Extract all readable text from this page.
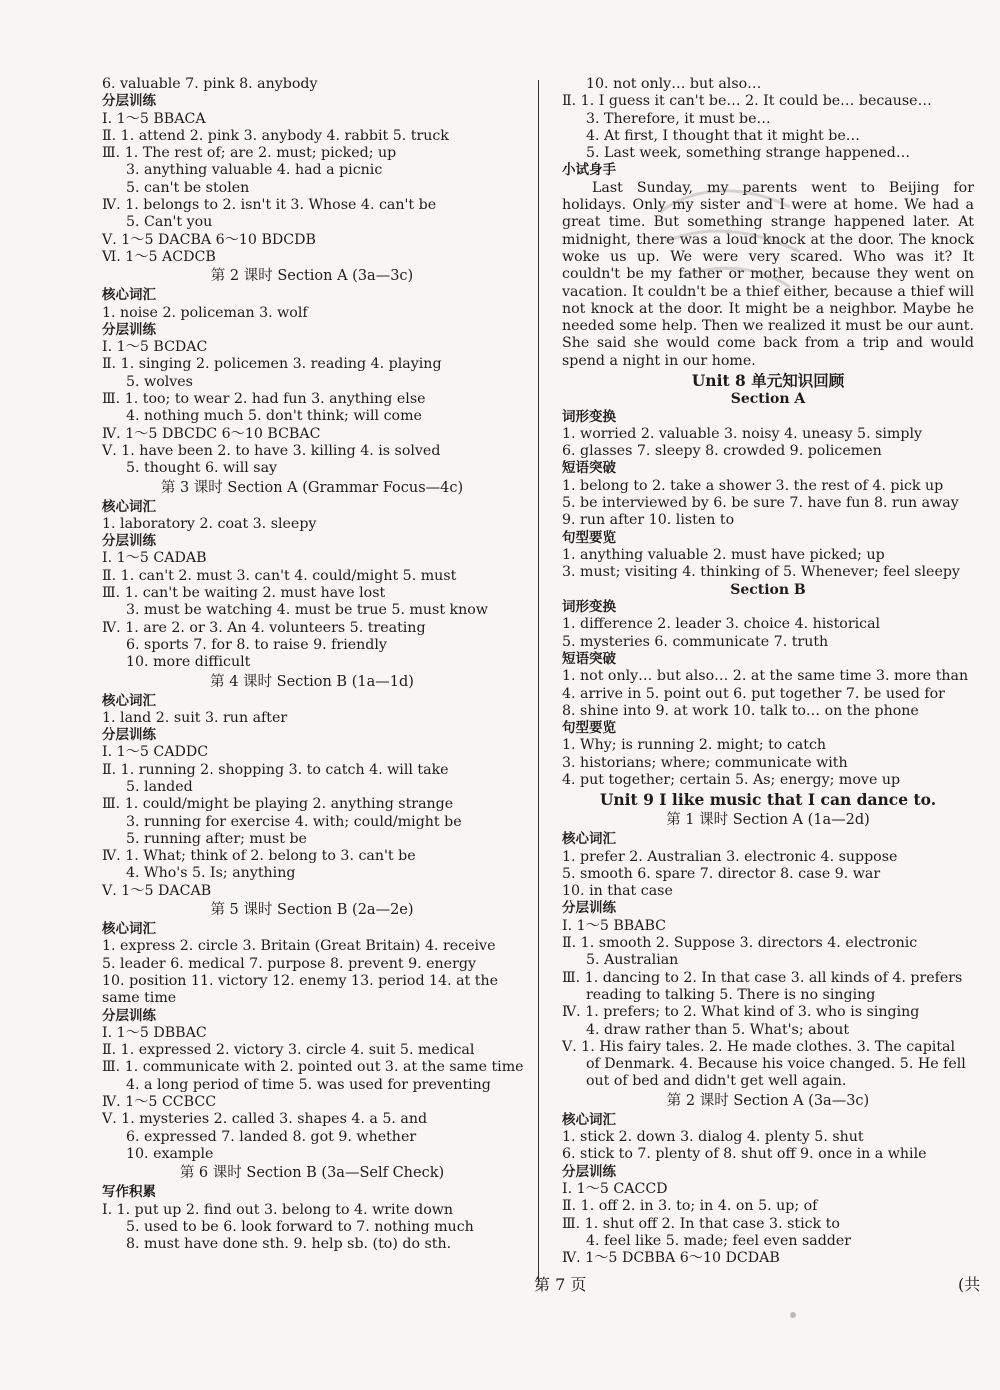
6. valuable 7. pink 8. anybody
分层训练
Ⅰ. 1～5 BBACA
Ⅱ. 1. attend 2. pink 3. anybody 4. rabbit 5. truck
Ⅲ. 1. The rest of; are 2. must; picked; up
3. anything valuable 4. had a picnic
5. can't be stolen
Ⅳ. 1. belongs to 2. isn't it 3. Whose 4. can't be
5. Can't you
Ⅴ. 1～5 DACBA 6～10 BDCDB
Ⅵ. 1～5 ACDCB
第 2 课时 Section A (3a—3c)
核心词汇
1. noise 2. policeman 3. wolf
分层训练
Ⅰ. 1～5 BCDAC
Ⅱ. 1. singing 2. policemen 3. reading 4. playing
5. wolves
Ⅲ. 1. too; to wear 2. had fun 3. anything else
4. nothing much 5. don't think; will come
Ⅳ. 1～5 DBCDC 6～10 BCBAC
Ⅴ. 1. have been 2. to have 3. killing 4. is solved
5. thought 6. will say
第 3 课时 Section A (Grammar Focus—4c)
核心词汇
1. laboratory 2. coat 3. sleepy
分层训练
Ⅰ. 1～5 CADAB
Ⅱ. 1. can't 2. must 3. can't 4. could/might 5. must
Ⅲ. 1. can't be waiting 2. must have lost
3. must be watching 4. must be true 5. must know
Ⅳ. 1. are 2. or 3. An 4. volunteers 5. treating
6. sports 7. for 8. to raise 9. friendly
10. more difficult
第 4 课时 Section B (1a—1d)
核心词汇
1. land 2. suit 3. run after
分层训练
Ⅰ. 1～5 CADDC
Ⅱ. 1. running 2. shopping 3. to catch 4. will take
5. landed
Ⅲ. 1. could/might be playing 2. anything strange
3. running for exercise 4. with; could/might be
5. running after; must be
Ⅳ. 1. What; think of 2. belong to 3. can't be
4. Who's 5. Is; anything
Ⅴ. 1～5 DACAB
第 5 课时 Section B (2a—2e)
核心词汇
1. express 2. circle 3. Britain (Great Britain) 4. receive
5. leader 6. medical 7. purpose 8. prevent 9. energy
10. position 11. victory 12. enemy 13. period 14. at the
same time
分层训练
Ⅰ. 1～5 DBBAC
Ⅱ. 1. expressed 2. victory 3. circle 4. suit 5. medical
Ⅲ. 1. communicate with 2. pointed out 3. at the same time
4. a long period of time 5. was used for preventing
Ⅳ. 1～5 CCBCC
Ⅴ. 1. mysteries 2. called 3. shapes 4. a 5. and
6. expressed 7. landed 8. got 9. whether
10. example
第 6 课时 Section B (3a—Self Check)
写作积累
Ⅰ. 1. put up 2. find out 3. belong to 4. write down
5. used to be 6. look forward to 7. nothing much
8. must have done sth. 9. help sb. (to) do sth.
10. not only… but also…
Ⅱ. 1. I guess it can't be… 2. It could be… because…
3. Therefore, it must be…
4. At first, I thought that it might be…
5. Last week, something strange happened…
小试身手

Last Sunday, my parents went to Beijing for holidays. Only my sister and I were at home. We had a great time. But something strange happened later. At midnight, there was a loud knock at the door. The knock woke us up. We were very scared. Who was it? It couldn't be my father or mother, because they went on vacation. It couldn't be a thief either, because a thief will not knock at the door. It might be a neighbor. Maybe he needed some help. Then we realized it must be our aunt. She said she would come back from a trip and would spend a night in our home.

Unit 8 单元知识回顾
Section A
词形变换
1. worried 2. valuable 3. noisy 4. uneasy 5. simply
6. glasses 7. sleepy 8. crowded 9. policemen
短语突破
1. belong to 2. take a shower 3. the rest of 4. pick up
5. be interviewed by 6. be sure 7. have fun 8. run away
9. run after 10. listen to
句型要览
1. anything valuable 2. must have picked; up
3. must; visiting 4. thinking of 5. Whenever; feel sleepy
Section B
词形变换
1. difference 2. leader 3. choice 4. historical
5. mysteries 6. communicate 7. truth
短语突破
1. not only… but also… 2. at the same time 3. more than
4. arrive in 5. point out 6. put together 7. be used for
8. shine into 9. at work 10. talk to… on the phone
句型要览
1. Why; is running 2. might; to catch
3. historians; where; communicate with
4. put together; certain 5. As; energy; move up
Unit 9 I like music that I can dance to.
第 1 课时 Section A (1a—2d)
核心词汇
1. prefer 2. Australian 3. electronic 4. suppose
5. smooth 6. spare 7. director 8. case 9. war
10. in that case
分层训练
Ⅰ. 1～5 BBABC
Ⅱ. 1. smooth 2. Suppose 3. directors 4. electronic
5. Australian
Ⅲ. 1. dancing to 2. In that case 3. all kinds of 4. prefers
reading to talking 5. There is no singing
Ⅳ. 1. prefers; to 2. What kind of 3. who is singing
4. draw rather than 5. What's; about
Ⅴ. 1. His fairy tales. 2. He made clothes. 3. The capital
of Denmark. 4. Because his voice changed. 5. He fell
out of bed and didn't get well again.
第 2 课时 Section A (3a—3c)
核心词汇
1. stick 2. down 3. dialog 4. plenty 5. shut
6. stick to 7. plenty of 8. shut off 9. once in a while
分层训练
Ⅰ. 1～5 CACCD
Ⅱ. 1. off 2. in 3. to; in 4. on 5. up; of
Ⅲ. 1. shut off 2. In that case 3. stick to
4. feel like 5. made; feel even sadder
Ⅳ. 1～5 DCBBA 6～10 DCDAB
第 7 页	(共
